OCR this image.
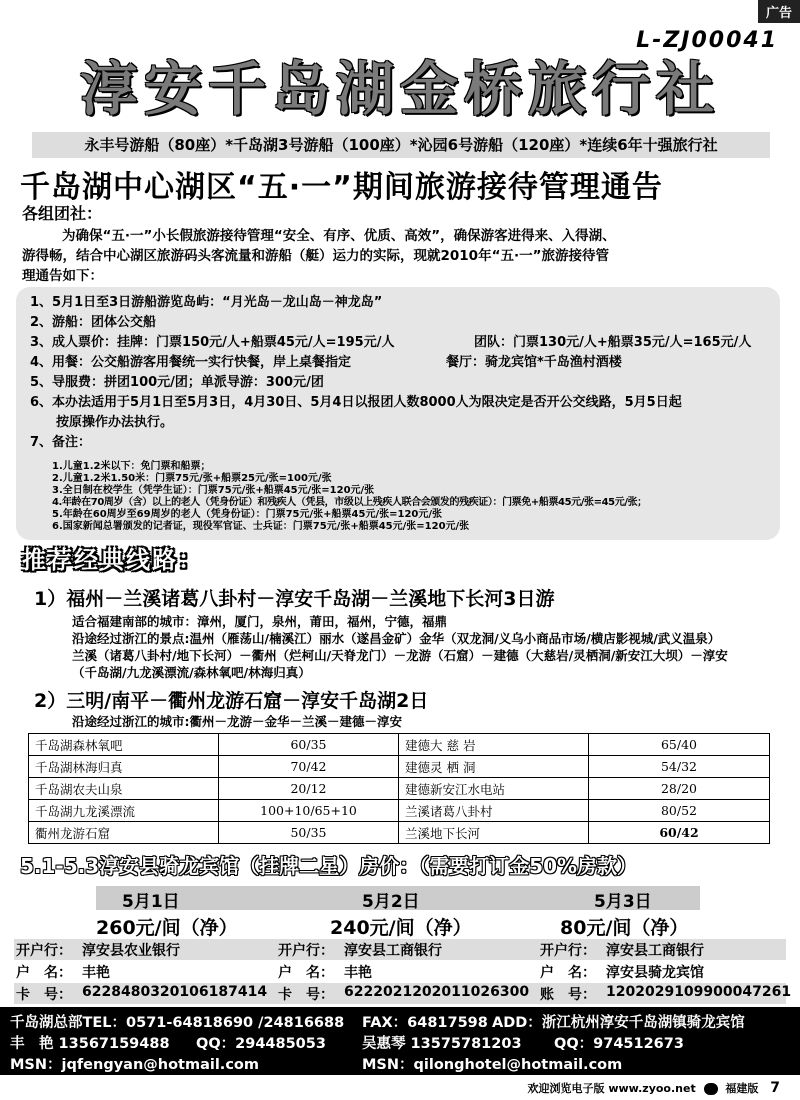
广告
L-ZJ00041
淳安千岛湖金桥旅行社
永丰号游船（80座）*千岛湖3号游船（100座）*沁园6号游船（120座）*连续6年十强旅行社
千岛湖中心湖区“五·一”期间旅游接待管理通告
各组团社：
为确保“五·一”小长假旅游接待管理“安全、有序、优质、高效”，确保游客进得来、入得湖、
游得畅，结合中心湖区旅游码头客流量和游船（艇）运力的实际，现就2010年“五·一”旅游接待管
理通告如下：
1、5月1日至3日游船游览岛屿：“月光岛－龙山岛－神龙岛”
2、游船：团体公交船
3、成人票价：挂牌：门票150元/人+船票45元/人=195元/人	团队：门票130元/人+船票35元/人=165元/人
4、用餐：公交船游客用餐统一实行快餐，岸上桌餐指定	餐厅：骑龙宾馆*千岛渔村酒楼
5、导服费：拼团100元/团；单派导游：300元/团
6、本办法适用于5月1日至5月3日，4月30日、5月4日以报团人数8000人为限决定是否开公交线路，5月5日起
按原操作办法执行。
7、备注：
1.儿童1.2米以下：免门票和船票；
2.儿童1.2米1.50米：门票75元/张+船票25元/张=100元/张
3.全日制在校学生（凭学生证）：门票75元/张+船票45元/张=120元/张
4.年龄在70周岁（含）以上的老人（凭身份证）和残疾人（凭县，市级以上残疾人联合会颁发的残疾证）：门票免+船票45元/张=45元/张；
5.年龄在60周岁至69周岁的老人（凭身份证）：门票75元/张+船票45元/张=120元/张
推荐经典线路：
1）福州－兰溪诸葛八卦村－淳安千岛湖－兰溪地下长河3日游
适合福建南部的城市：漳州，厦门，泉州，莆田，福州，宁德，福鼎
沿途经过浙江的景点:温州（雁荡山/楠溪江）丽水（遂昌金矿）金华（双龙洞/义乌小商品市场/横店影视城/武义温泉）
兰溪（诸葛八卦村/地下长河）－衢州（烂柯山/天脊龙门）－龙游（石窟）－建德（大慈岩/灵栖洞/新安江大坝）－淳安
（千岛湖/九龙溪漂流/森林氧吧/林海归真）
2）三明/南平－衢州龙游石窟－淳安千岛湖2日
沿途经过浙江的城市:衢州－龙游－金华－兰溪－建德－淳安
千岛湖森林氧吧	60/35	建德大 慈 岩	65/40
千岛湖林海归真	70/42	建德灵 栖 洞	54/32
千岛湖农夫山泉	20/12	建德新安江水电站	28/20
千岛湖九龙溪漂流	100+10/65+10	兰溪诸葛八卦村	80/52
衢州龙游石窟	50/35	兰溪地下长河	60/42
5.1-5.3淳安县骑龙宾馆（挂牌二星）房价：（需要打订金50%房款）
5月1日	5月2日	5月3日
260元/间（净）	240元/间（净）	80元/间（净）
开户行： 淳安县农业银行
户　名： 丰艳
卡　号： 6228480320106187414
开户行： 淳安县工商银行
户　名： 丰艳
卡　号： 6222021202011026300
开户行： 淳安县工商银行
户　名： 淳安县骑龙宾馆
账　号： 1202029109900047261
千岛湖总部TEL：0571-64818690 /24816688 FAX：64817598 ADD：浙江杭州淳安千岛湖镇骑龙宾馆
丰　艳 13567159488 QQ：294485053 吴惠琴 13575781203 QQ：974512673
MSN：jqfengyan@hotmail.com	MSN：qilonghotel@hotmail.com
欢迎浏览电子版 www.zyoo.net	福建版 7
6.国家新闻总署颁发的记者证，现役军官证、士兵证：门票75元/张+船票45元/张=120元/张
